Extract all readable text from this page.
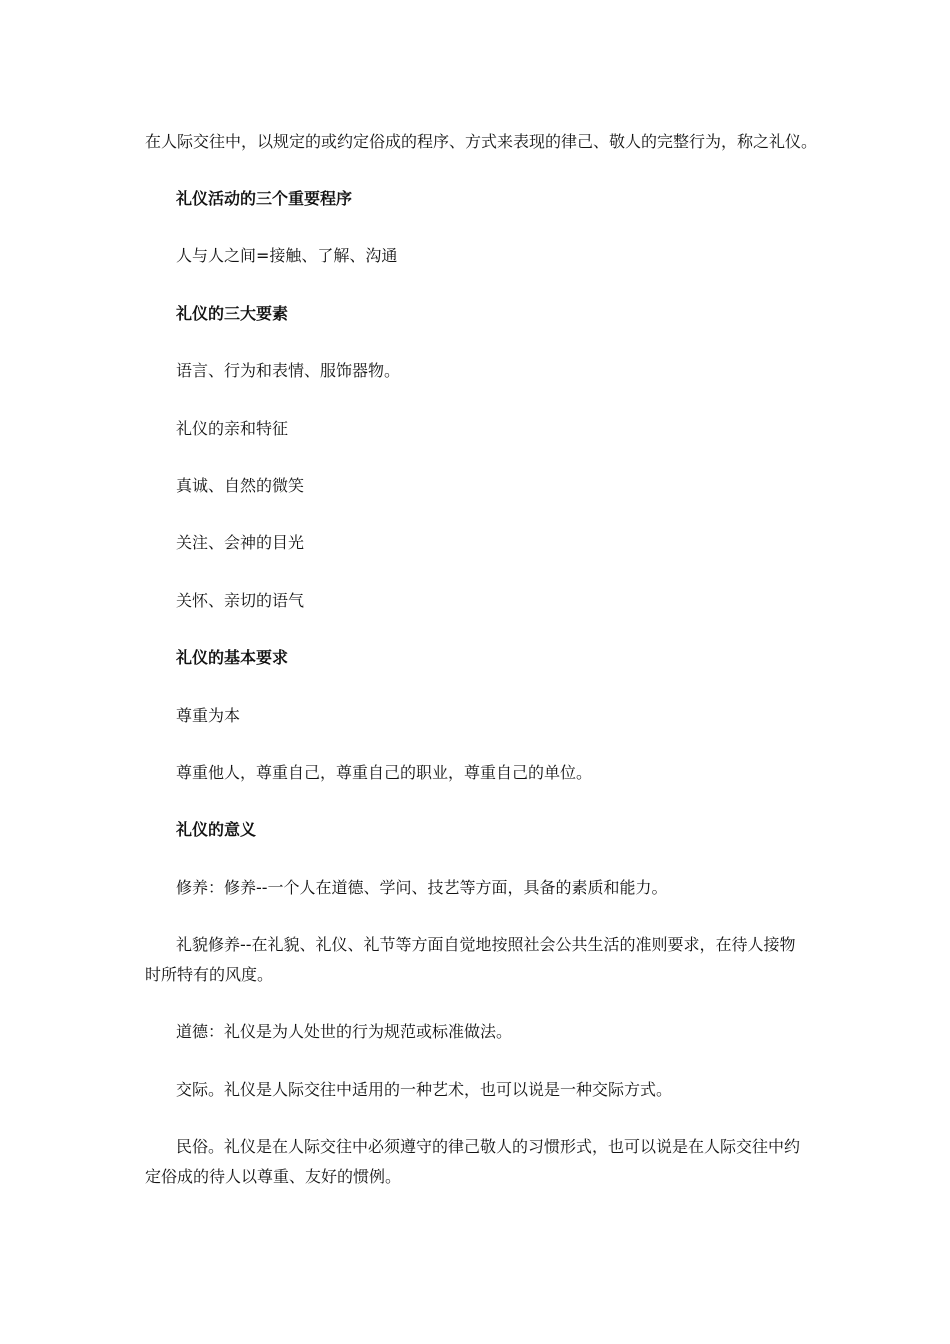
在人际交往中，以规定的或约定俗成的程序、方式来表现的律己、敬人的完整行为，称之礼仪。
礼仪活动的三个重要程序
人与人之间=接触、了解、沟通
礼仪的三大要素
语言、行为和表情、服饰器物。
礼仪的亲和特征
真诚、自然的微笑
关注、会神的目光
关怀、亲切的语气
礼仪的基本要求
尊重为本
尊重他人，尊重自己，尊重自己的职业，尊重自己的单位。
礼仪的意义
修养：修养--一个人在道德、学问、技艺等方面，具备的素质和能力。
礼貌修养--在礼貌、礼仪、礼节等方面自觉地按照社会公共生活的准则要求，在待人接物时所特有的风度。
道德：礼仪是为人处世的行为规范或标准做法。
交际。礼仪是人际交往中适用的一种艺术，也可以说是一种交际方式。
民俗。礼仪是在人际交往中必须遵守的律己敬人的习惯形式，也可以说是在人际交往中约定俗成的待人以尊重、友好的惯例。
